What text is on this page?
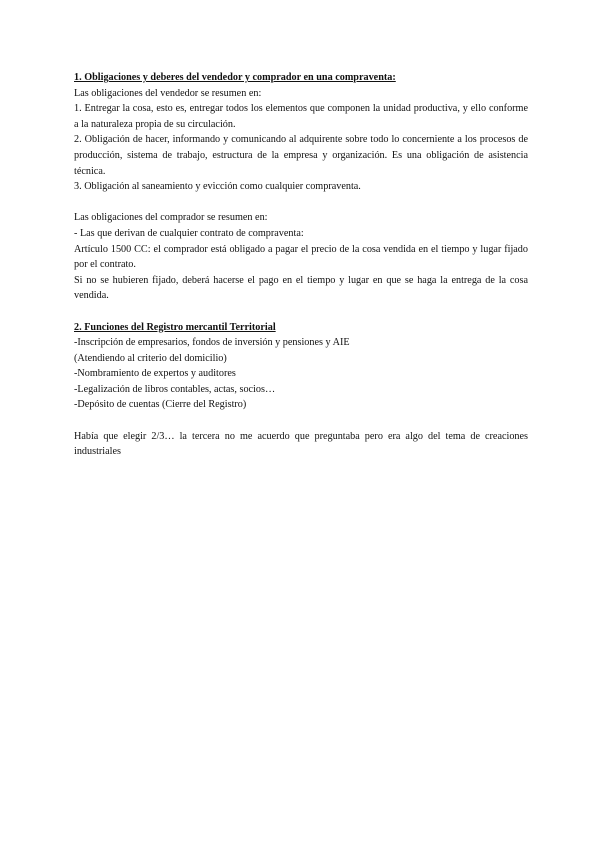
1. Obligaciones y deberes del vendedor y comprador en una compraventa:
Las obligaciones del vendedor se resumen en:
1. Entregar la cosa, esto es, entregar todos los elementos que componen la unidad productiva, y ello conforme a la naturaleza propia de su circulación.
2. Obligación de hacer, informando y comunicando al adquirente sobre todo lo concerniente a los procesos de producción, sistema de trabajo, estructura de la empresa y organización. Es una obligación de asistencia técnica.
3. Obligación al saneamiento y evicción como cualquier compraventa.
Las obligaciones del comprador se resumen en:
- Las que derivan de cualquier contrato de compraventa:
Artículo 1500 CC: el comprador está obligado a pagar el precio de la cosa vendida en el tiempo y lugar fijado por el contrato.
Si no se hubieren fijado, deberá hacerse el pago en el tiempo y lugar en que se haga la entrega de la cosa vendida.
2. Funciones del Registro mercantil Territorial
-Inscripción de empresarios, fondos de inversión y pensiones y AIE
(Atendiendo al criterio del domicilio)
-Nombramiento de expertos y auditores
-Legalización de libros contables, actas, socios…
-Depósito de cuentas (Cierre del Registro)
Había que elegir 2/3… la tercera no me acuerdo que preguntaba pero era algo del tema de creaciones industriales
